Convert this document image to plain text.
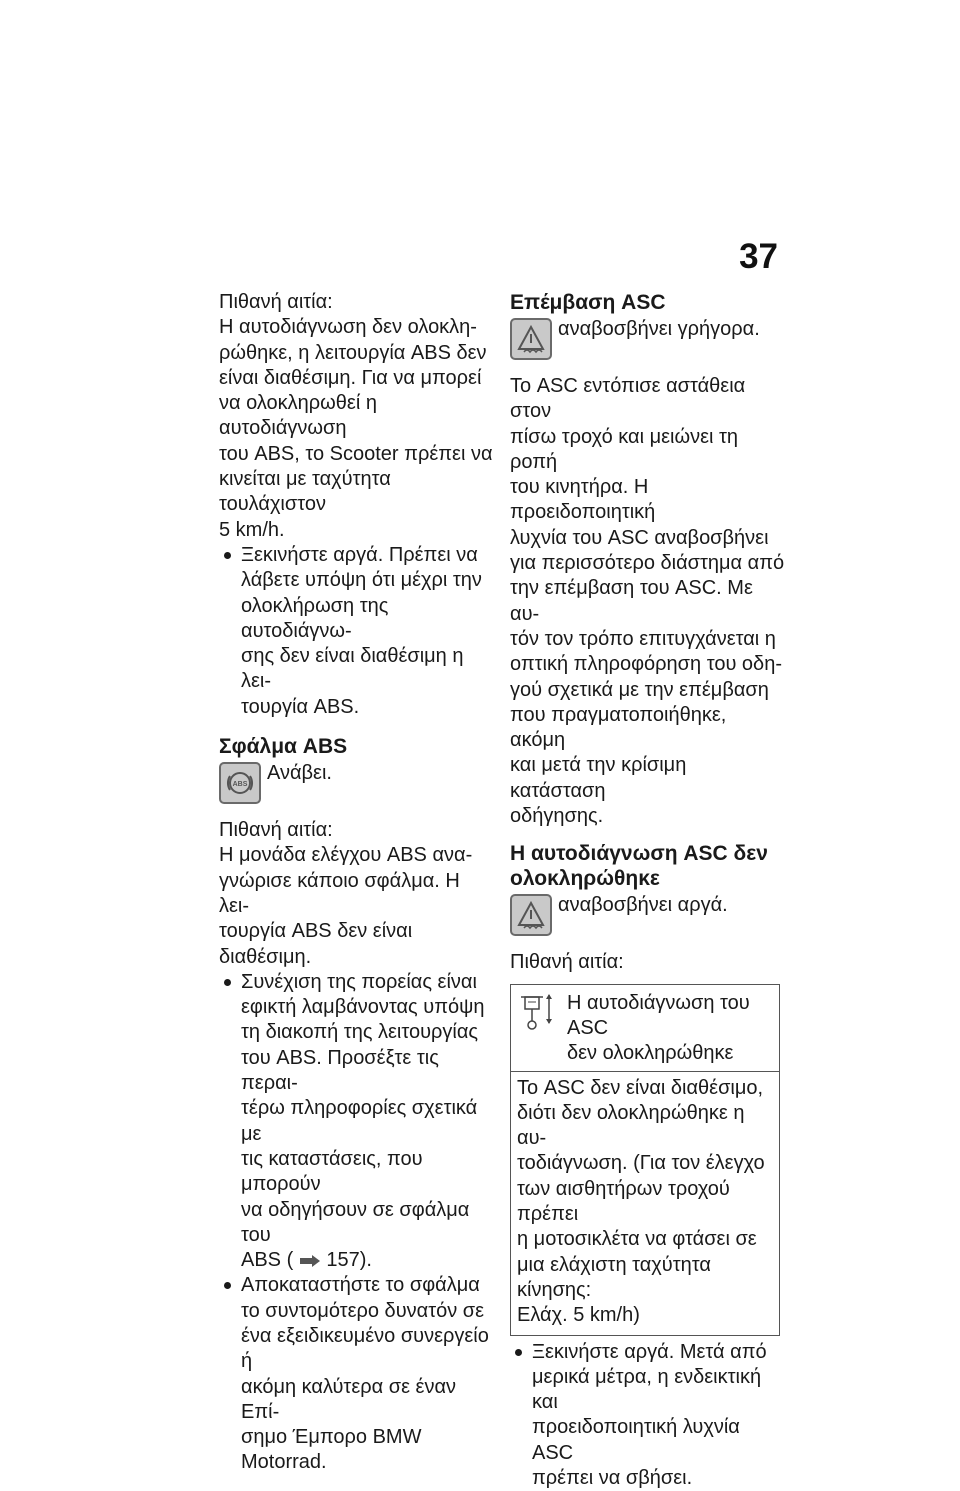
37

Πιθανή αιτία:

Η αυτοδιάγνωση δεν ολοκλη-
ρώθηκε, η λειτουργία ABS δεν
είναι διαθέσιμη. Για να μπορεί
να ολοκληρωθεί η αυτοδιάγνωση
του ABS, το Scooter πρέπει να
κινείται με ταχύτητα τουλάχιστον
5 km/h.
Ξεκινήστε αργά. Πρέπει να
λάβετε υπόψη ότι μέχρι την
ολοκλήρωση της αυτοδιάγνω-
σης δεν είναι διαθέσιμη η λει-
τουργία ABS.
Σφάλμα ABS
ABS
Ανάβει.

Πιθανή αιτία:

Η μονάδα ελέγχου ABS ανα-
γνώρισε κάποιο σφάλμα. Η λει-
τουργία ABS δεν είναι διαθέσιμη.
Συνέχιση της πορείας είναι
εφικτή λαμβάνοντας υπόψη
τη διακοπή της λειτουργίας
του ABS. Προσέξτε τις περαι-
τέρω πληροφορίες σχετικά με
τις καταστάσεις, που μπορούν
να οδηγήσουν σε σφάλμα του
ABS ( 157).
Αποκαταστήστε το σφάλμα
το συντομότερο δυνατόν σε
ένα εξειδικευμένο συνεργείο ή
ακόμη καλύτερα σε έναν Επί-
σημο Έμπορο BMW Motorrad.
Επέμβαση ASC
αναβοσβήνει γρήγορα.
Το ASC εντόπισε αστάθεια στον
πίσω τροχό και μειώνει τη ροπή
του κινητήρα. Η προειδοποιητική
λυχνία του ASC αναβοσβήνει
για περισσότερο διάστημα από
την επέμβαση του ASC. Με αυ-
τόν τον τρόπο επιτυγχάνεται η
οπτική πληροφόρηση του οδη-
γού σχετικά με την επέμβαση
που πραγματοποιήθηκε, ακόμη
και μετά την κρίσιμη κατάσταση
οδήγησης.
Η αυτοδιάγνωση ASC δεν
ολοκληρώθηκε
αναβοσβήνει αργά.

Πιθανή αιτία:

Η αυτοδιάγνωση του ASC
δεν ολοκληρώθηκε
Το ASC δεν είναι διαθέσιμο,
διότι δεν ολοκληρώθηκε η αυ-
τοδιάγνωση. (Για τον έλεγχο
των αισθητήρων τροχού πρέπει
η μοτοσικλέτα να φτάσει σε
μια ελάχιστη ταχύτητα κίνησης:
Ελάχ. 5 km/h)
Ξεκινήστε αργά. Μετά από
μερικά μέτρα, η ενδεικτική και
προειδοποιητική λυχνία ASC
πρέπει να σβήσει.
